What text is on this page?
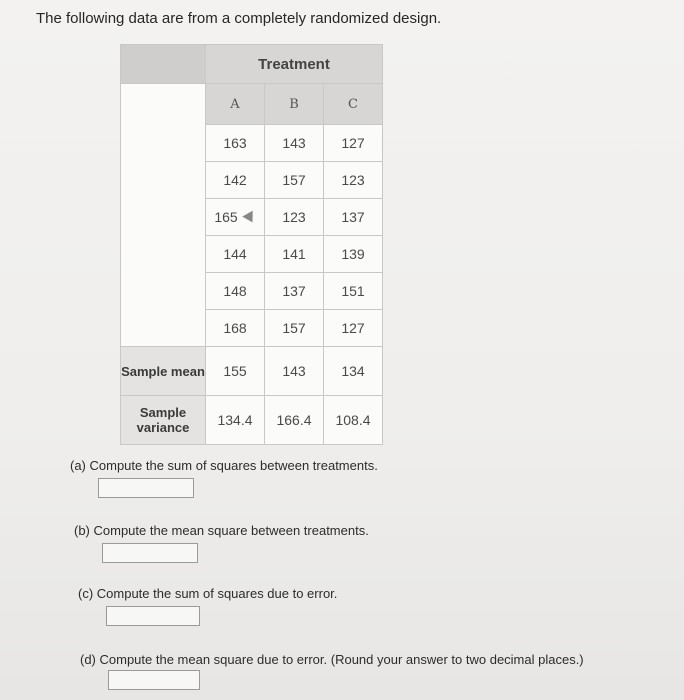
The following data are from a completely randomized design.
	Treatment		
	A	B	C
	163	143	127
	142	157	123
	165	123	137
	144	141	139
	148	137	151
	168	157	127
Sample mean	155	143	134
Sample variance	134.4	166.4	108.4
(a) Compute the sum of squares between treatments.
(b) Compute the mean square between treatments.
(c) Compute the sum of squares due to error.
(d) Compute the mean square due to error. (Round your answer to two decimal places.)
